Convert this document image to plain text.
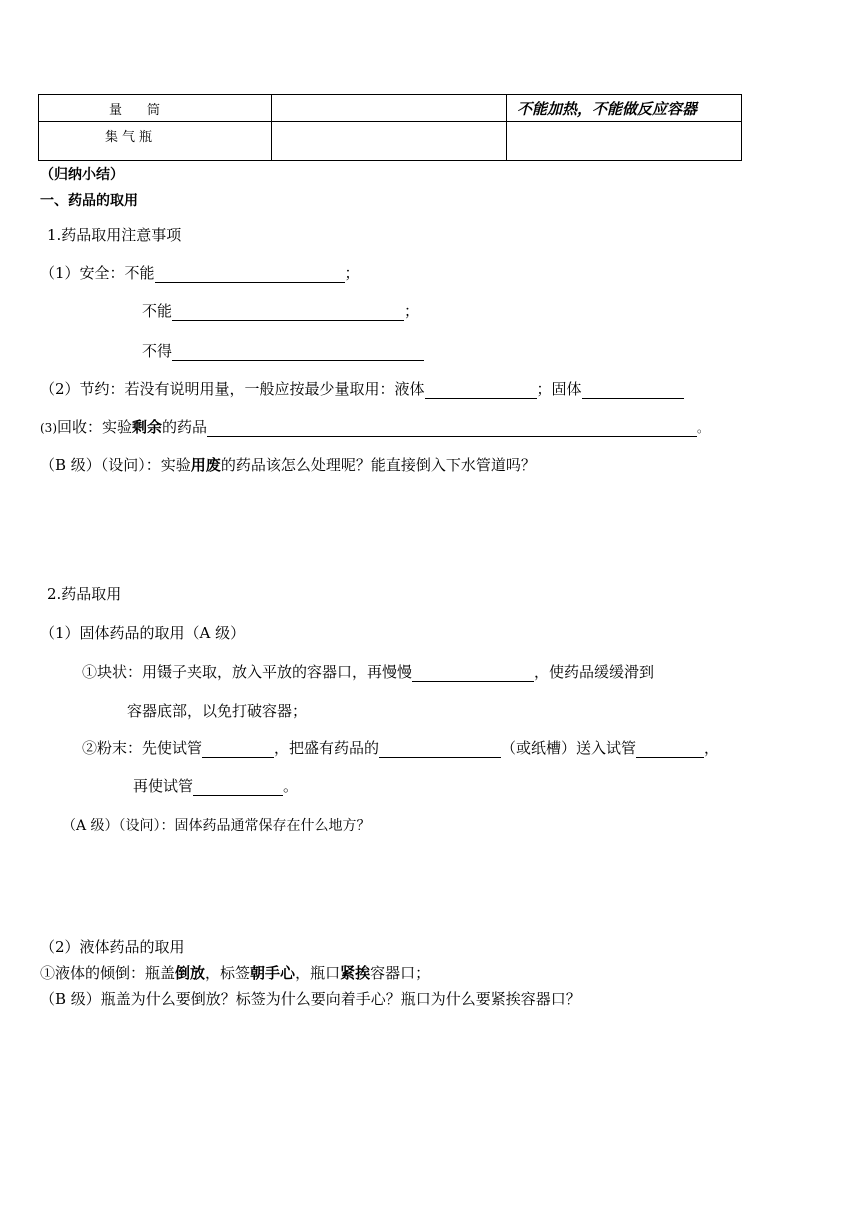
量　筒		不能加热，不能做反应容器

集气瓶		

（归纳小结）
一、药品的取用
1.药品取用注意事项
（1）安全：不能	；
不能	；
不得
（2）节约：若没有说明用量，一般应按最少量取用：液体	；固体
(3)回收：实验剩余的药品	。
（B 级）（设问）：实验用废的药品该怎么处理呢？能直接倒入下水管道吗？
2.药品取用
（1）固体药品的取用（A 级）
①块状：用镊子夹取，放入平放的容器口，再慢慢	，使药品缓缓滑到
容器底部，以免打破容器；
②粉末：先使试管	，把盛有药品的	（或纸槽）送入试管	，
再使试管	。
（A 级）（设问）：固体药品通常保存在什么地方？
（2）液体药品的取用
①液体的倾倒：瓶盖倒放，标签朝手心，瓶口紧挨容器口；
（B 级）瓶盖为什么要倒放？标签为什么要向着手心？瓶口为什么要紧挨容器口？
